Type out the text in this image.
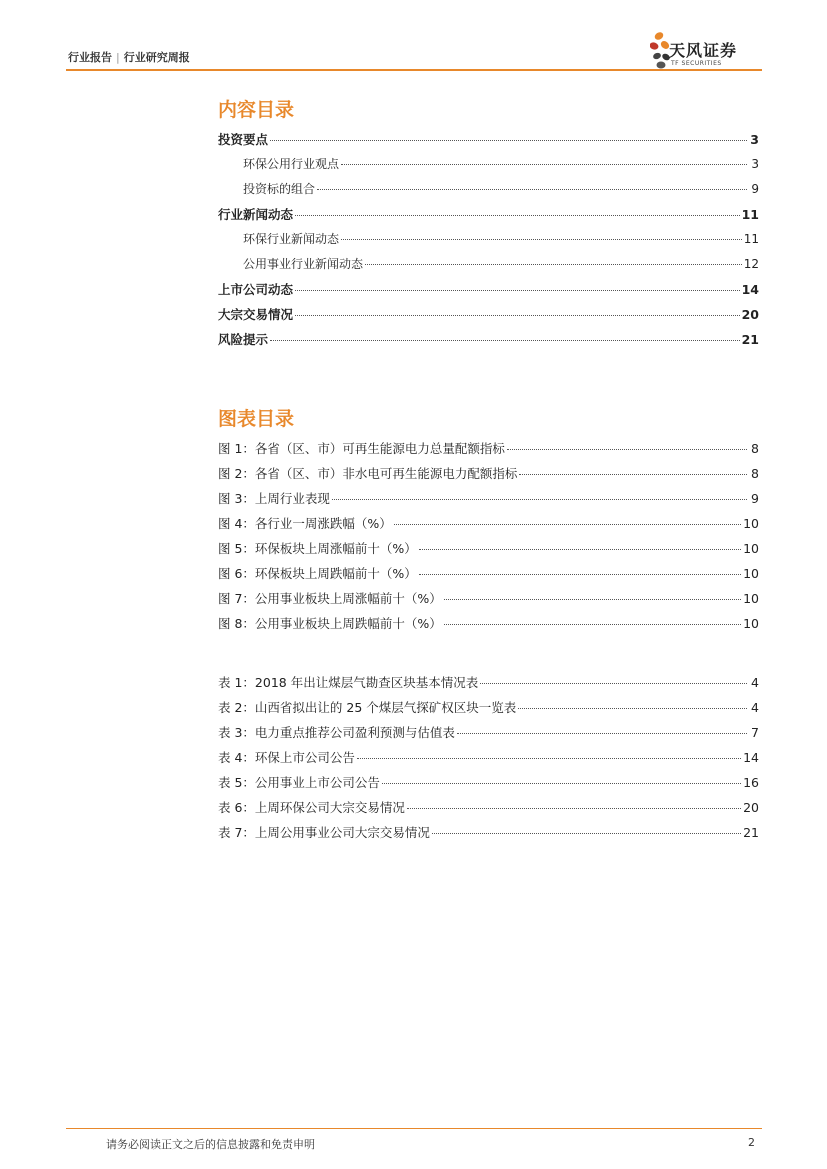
行业报告 | 行业研究周报	天风证券
TF SECURITIES
内容目录
投资要点	3
环保公用行业观点	3
投资标的组合	9
行业新闻动态	11
环保行业新闻动态	11
公用事业行业新闻动态	12
上市公司动态	14
大宗交易情况	20
风险提示	21
图表目录
图 1：各省（区、市）可再生能源电力总量配额指标	8
图 2：各省（区、市）非水电可再生能源电力配额指标	8
图 3：上周行业表现	9
图 4：各行业一周涨跌幅（%）	10
图 5：环保板块上周涨幅前十（%）	10
图 6：环保板块上周跌幅前十（%）	10
图 7：公用事业板块上周涨幅前十（%）	10
图 8：公用事业板块上周跌幅前十（%）	10
表 1：2018 年出让煤层气勘查区块基本情况表	4
表 2：山西省拟出让的 25 个煤层气探矿权区块一览表	4
表 3：电力重点推荐公司盈利预测与估值表	7
表 4：环保上市公司公告	14
表 5：公用事业上市公司公告	16
表 6：上周环保公司大宗交易情况	20
表 7：上周公用事业公司大宗交易情况	21
请务必阅读正文之后的信息披露和免责申明	2
